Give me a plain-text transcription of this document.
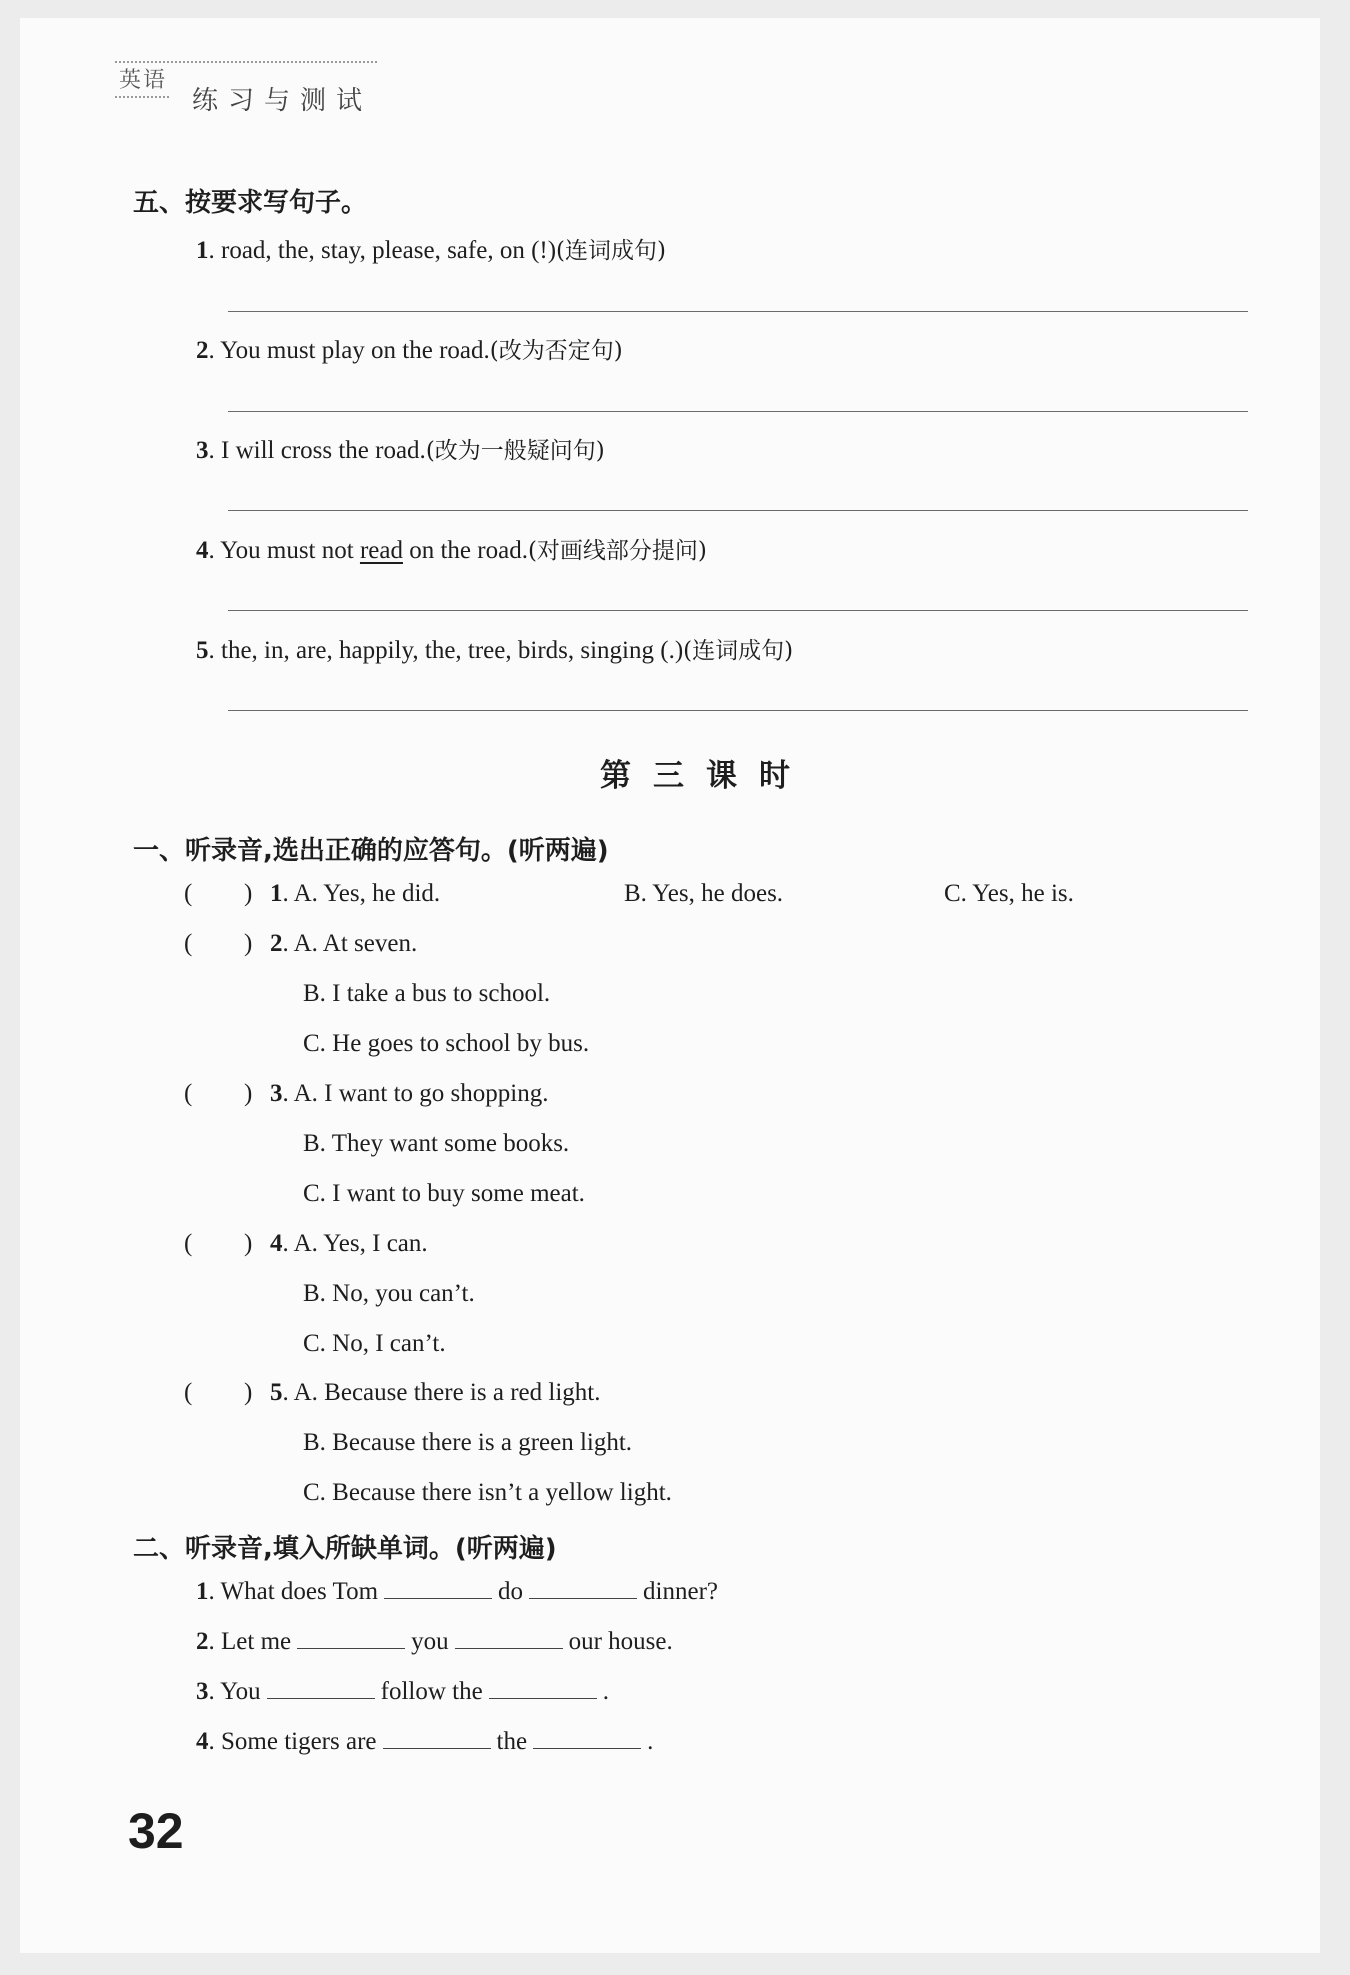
英语
练习与测试
五、按要求写句子。
1. road, the, stay, please, safe, on (!)(连词成句)
2. You must play on the road.(改为否定句)
3. I will cross the road.(改为一般疑问句)
4. You must not read on the road.(对画线部分提问)
5. the, in, are, happily, the, tree, birds, singing (.)(连词成句)
第三课时
一、听录音,选出正确的应答句。(听两遍)
( ) 1. A. Yes, he did.	B. Yes, he does.	C. Yes, he is.
( ) 2. A. At seven.
B. I take a bus to school.
C. He goes to school by bus.
( ) 3. A. I want to go shopping.
B. They want some books.
C. I want to buy some meat.
( ) 4. A. Yes, I can.
B. No, you can’t.
C. No, I can’t.
( ) 5. A. Because there is a red light.
B. Because there is a green light.
C. Because there isn’t a yellow light.
二、听录音,填入所缺单词。(听两遍)
1. What does Tom	do	dinner?
2. Let me	you	our house.
3. You	follow the	.
4. Some tigers are	the	.
32
